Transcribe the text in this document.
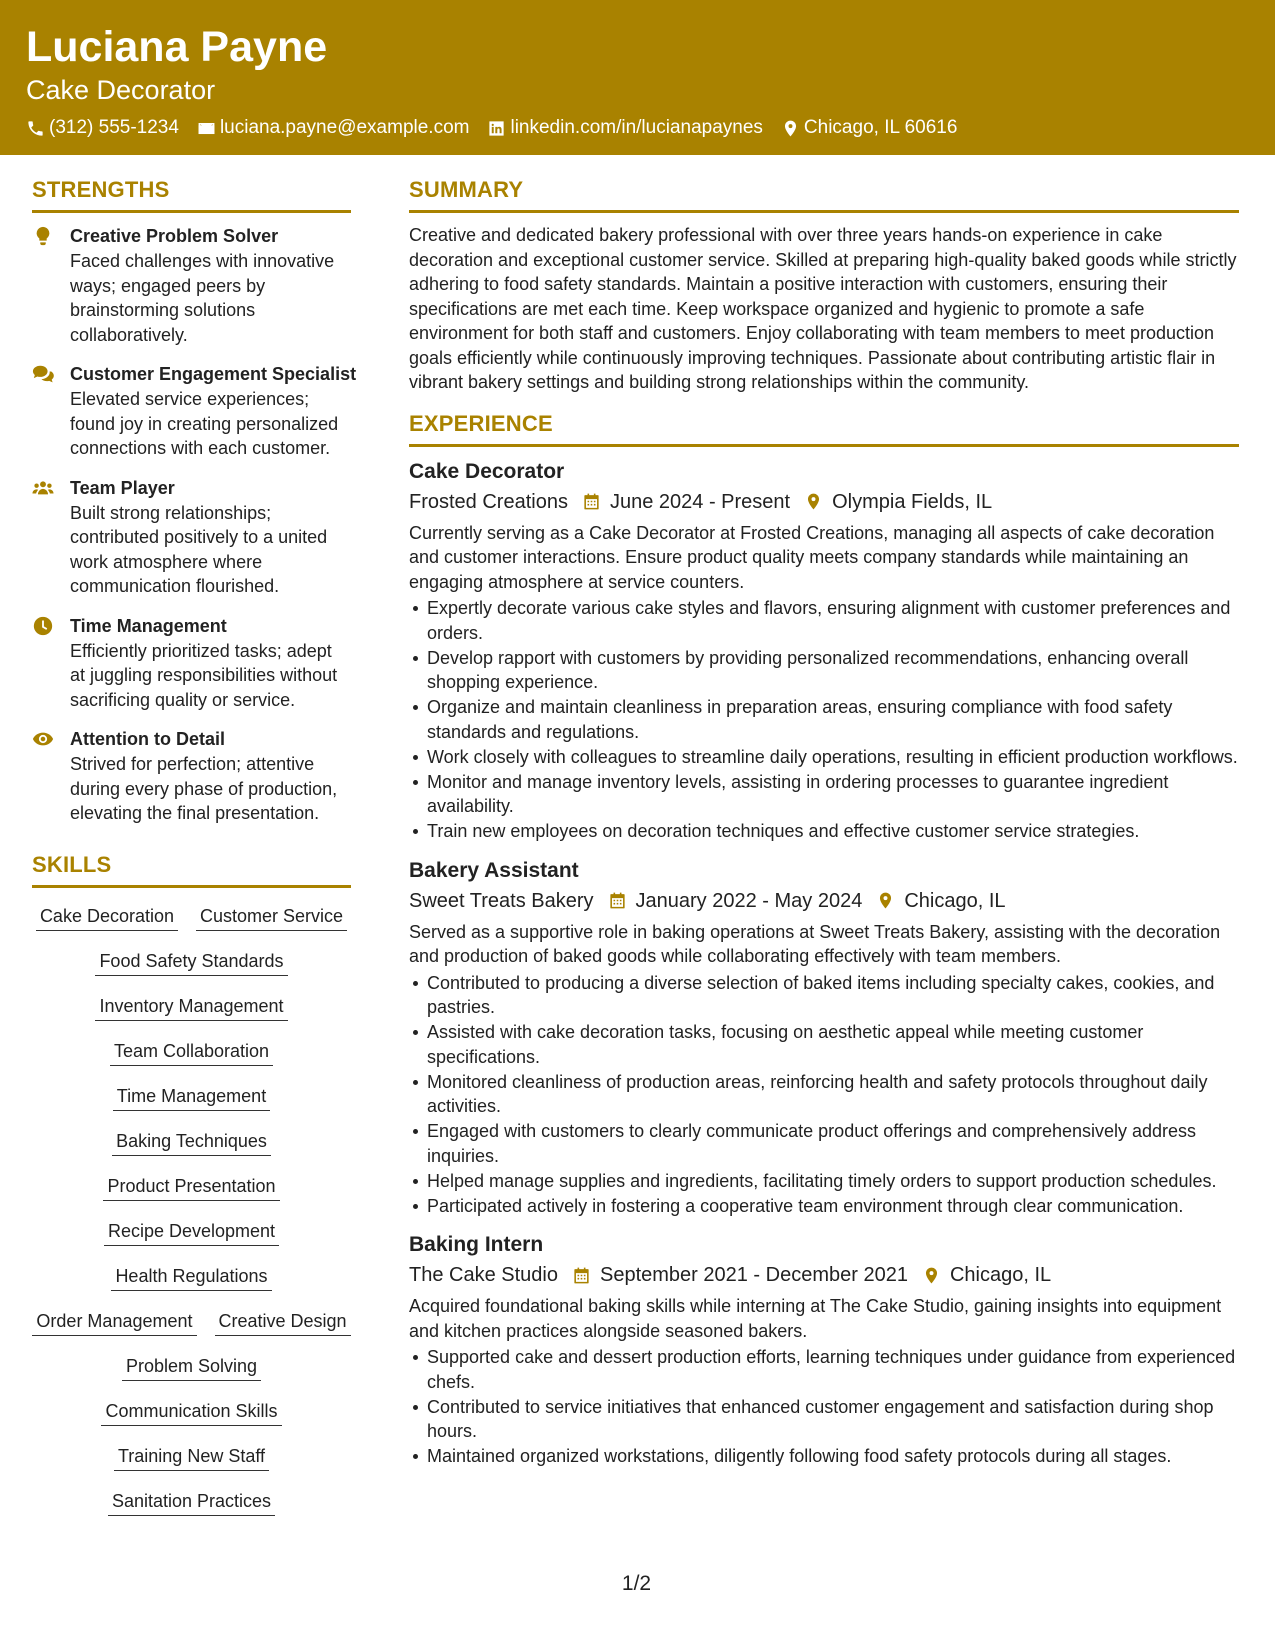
Luciana Payne
Cake Decorator
(312) 555-1234 luciana.payne@example.com linkedin.com/in/lucianapaynes Chicago, IL 60616
STRENGTHS
Creative Problem Solver
Faced challenges with innovative ways; engaged peers by brainstorming solutions collaboratively.
Customer Engagement Specialist
Elevated service experiences; found joy in creating personalized connections with each customer.
Team Player
Built strong relationships; contributed positively to a united work atmosphere where communication flourished.
Time Management
Efficiently prioritized tasks; adept at juggling responsibilities without sacrificing quality or service.
Attention to Detail
Strived for perfection; attentive during every phase of production, elevating the final presentation.
SKILLS
Cake Decoration Customer Service
Food Safety Standards
Inventory Management
Team Collaboration
Time Management
Baking Techniques
Product Presentation
Recipe Development
Health Regulations
Order Management Creative Design
Problem Solving
Communication Skills
Training New Staff
Sanitation Practices
SUMMARY
Creative and dedicated bakery professional with over three years hands-on experience in cake decoration and exceptional customer service. Skilled at preparing high-quality baked goods while strictly adhering to food safety standards. Maintain a positive interaction with customers, ensuring their specifications are met each time. Keep workspace organized and hygienic to promote a safe environment for both staff and customers. Enjoy collaborating with team members to meet production goals efficiently while continuously improving techniques. Passionate about contributing artistic flair in vibrant bakery settings and building strong relationships within the community.
EXPERIENCE
Cake Decorator
Frosted Creations June 2024 - Present Olympia Fields, IL
Currently serving as a Cake Decorator at Frosted Creations, managing all aspects of cake decoration and customer interactions. Ensure product quality meets company standards while maintaining an engaging atmosphere at service counters.
Expertly decorate various cake styles and flavors, ensuring alignment with customer preferences and orders.
Develop rapport with customers by providing personalized recommendations, enhancing overall shopping experience.
Organize and maintain cleanliness in preparation areas, ensuring compliance with food safety standards and regulations.
Work closely with colleagues to streamline daily operations, resulting in efficient production workflows.
Monitor and manage inventory levels, assisting in ordering processes to guarantee ingredient availability.
Train new employees on decoration techniques and effective customer service strategies.
Bakery Assistant
Sweet Treats Bakery January 2022 - May 2024 Chicago, IL
Served as a supportive role in baking operations at Sweet Treats Bakery, assisting with the decoration and production of baked goods while collaborating effectively with team members.
Contributed to producing a diverse selection of baked items including specialty cakes, cookies, and pastries.
Assisted with cake decoration tasks, focusing on aesthetic appeal while meeting customer specifications.
Monitored cleanliness of production areas, reinforcing health and safety protocols throughout daily activities.
Engaged with customers to clearly communicate product offerings and comprehensively address inquiries.
Helped manage supplies and ingredients, facilitating timely orders to support production schedules.
Participated actively in fostering a cooperative team environment through clear communication.
Baking Intern
The Cake Studio September 2021 - December 2021 Chicago, IL
Acquired foundational baking skills while interning at The Cake Studio, gaining insights into equipment and kitchen practices alongside seasoned bakers.
Supported cake and dessert production efforts, learning techniques under guidance from experienced chefs.
Contributed to service initiatives that enhanced customer engagement and satisfaction during shop hours.
Maintained organized workstations, diligently following food safety protocols during all stages.
1/2
